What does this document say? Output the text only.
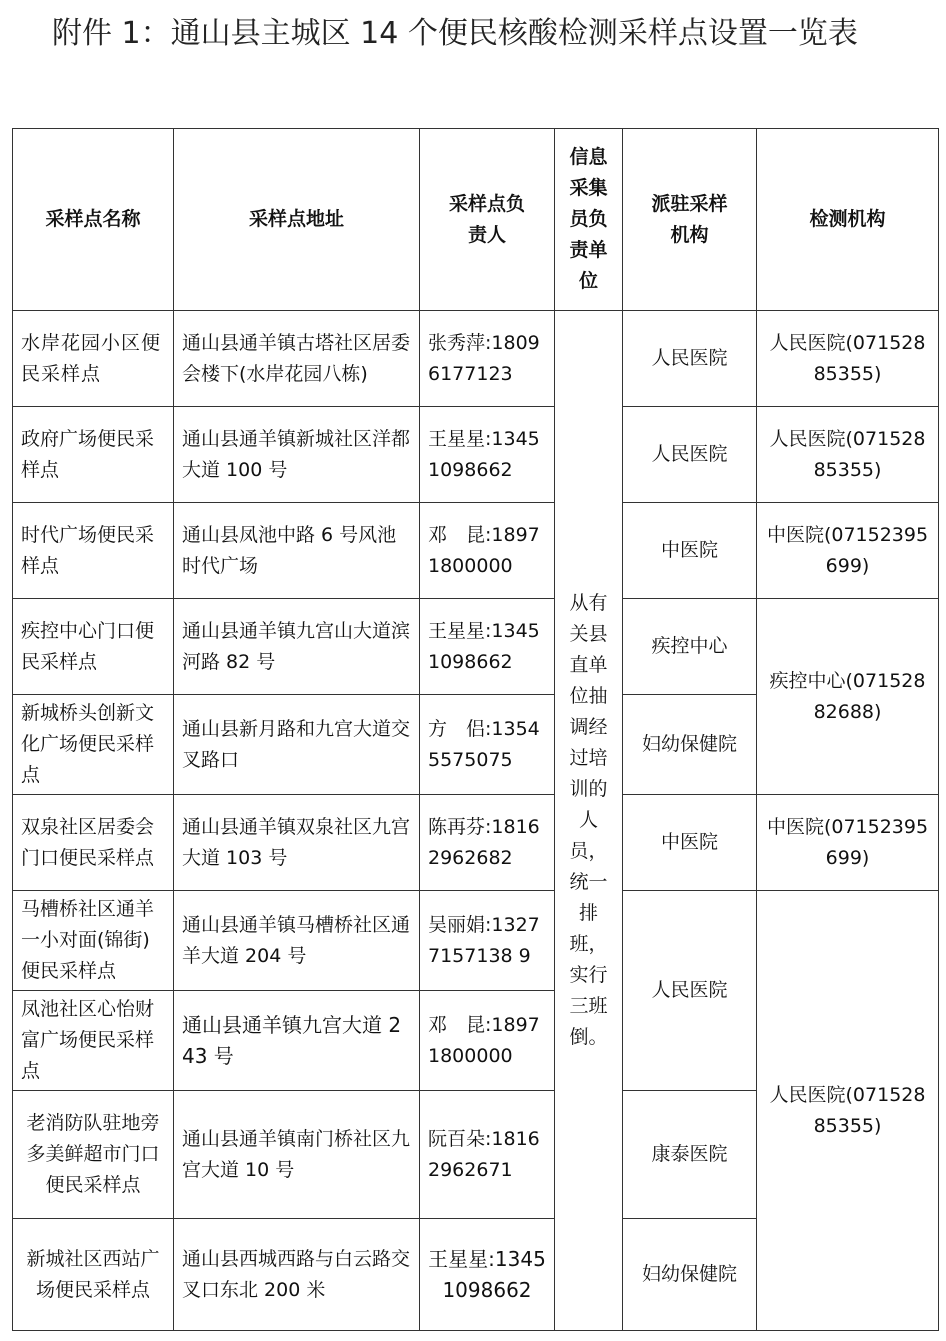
附件 1：通山县主城区 14 个便民核酸检测采样点设置一览表
采样点名称	采样点地址	采样点负责人	信息采集员负责单位	派驻采样机构	检测机构
水岸花园小区便民采样点	通山县通羊镇古塔社区居委会楼下(水岸花园八栋)	张秀萍:18096177123	从有关县直单位抽调经过培训的人员，统一排班，实行三班倒。	人民医院	人民医院(07152885355)
政府广场便民采样点	通山县通羊镇新城社区洋都大道 100 号	王星星:13451098662		人民医院	人民医院(07152885355)
时代广场便民采样点	通山县凤池中路 6 号风池时代广场	邓　昆:18971800000		中医院	中医院(07152395699)
疾控中心门口便民采样点	通山县通羊镇九宫山大道滨河路 82 号	王星星:13451098662		疾控中心	疾控中心(07152882688)
新城桥头创新文化广场便民采样点	通山县新月路和九宫大道交叉路口	方　侣:13545575075		妇幼保健院	
双泉社区居委会门口便民采样点	通山县通羊镇双泉社区九宫大道 103 号	陈再芬:18162962682		中医院	中医院(07152395699)
马槽桥社区通羊一小对面(锦街)便民采样点	通山县通羊镇马槽桥社区通羊大道 204 号	吴丽娟:13277157138 9		人民医院	人民医院(07152885355)
凤池社区心怡财富广场便民采样点	通山县通羊镇九宫大道 243 号	邓　昆:18971800000			
老消防队驻地旁多美鲜超市门口便民采样点	通山县通羊镇南门桥社区九宫大道 10 号	阮百朵:18162962671		康泰医院	
新城社区西站广场便民采样点	通山县西城西路与白云路交叉口东北 200 米	王星星:13451098662		妇幼保健院	
